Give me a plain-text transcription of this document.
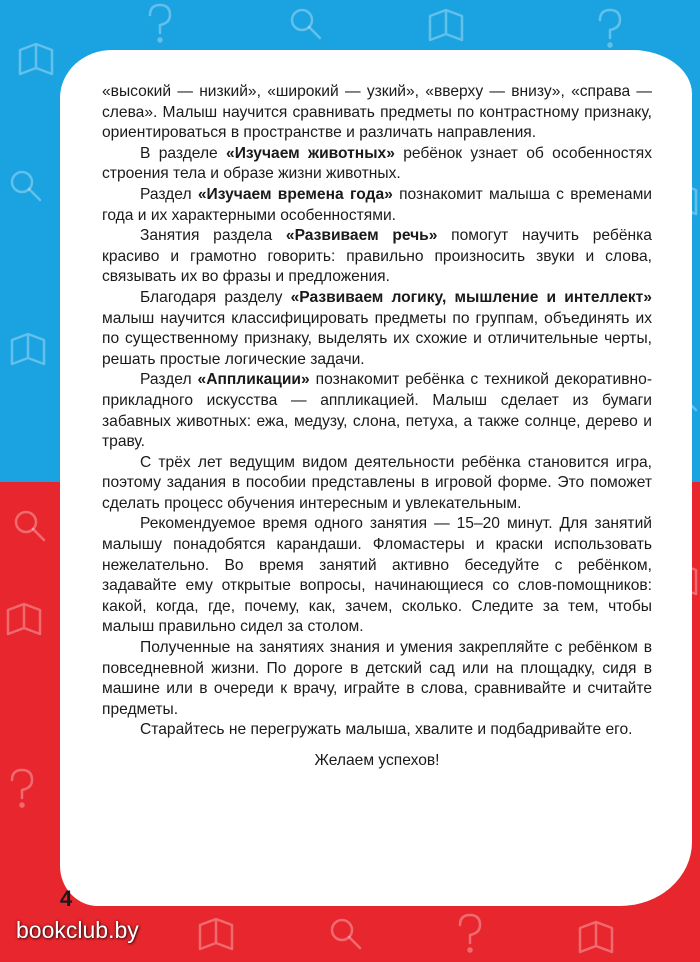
«высокий — низкий», «широкий — узкий», «вверху — внизу», «справа — слева». Малыш научится сравнивать предметы по контрастному признаку, ориентироваться в пространстве и различать направления.

В разделе «Изучаем животных» ребёнок узнает об особенностях строения тела и образе жизни животных.

Раздел «Изучаем времена года» познакомит малыша с временами года и их характерными особенностями.

Занятия раздела «Развиваем речь» помогут научить ребёнка красиво и грамотно говорить: правильно произносить звуки и слова, связывать их во фразы и предложения.

Благодаря разделу «Развиваем логику, мышление и интеллект» малыш научится классифицировать предметы по группам, объединять их по существенному признаку, выделять их схожие и отличительные черты, решать простые логические задачи.

Раздел «Аппликации» познакомит ребёнка с техникой декоративно-прикладного искусства — аппликацией. Малыш сделает из бумаги забавных животных: ежа, медузу, слона, петуха, а также солнце, дерево и траву.

С трёх лет ведущим видом деятельности ребёнка становится игра, поэтому задания в пособии представлены в игровой форме. Это поможет сделать процесс обучения интересным и увлекательным.

Рекомендуемое время одного занятия — 15–20 минут. Для занятий малышу понадобятся карандаши. Фломастеры и краски использовать нежелательно. Во время занятий активно беседуйте с ребёнком, задавайте ему открытые вопросы, начинающиеся со слов-помощников: какой, когда, где, почему, как, зачем, сколько. Следите за тем, чтобы малыш правильно сидел за столом.

Полученные на занятиях знания и умения закрепляйте с ребёнком в повседневной жизни. По дороге в детский сад или на площадку, сидя в машине или в очереди к врачу, играйте в слова, сравнивайте и считайте предметы.

Старайтесь не перегружать малыша, хвалите и подбадривайте его.

Желаем успехов!

4
bookclub.by
